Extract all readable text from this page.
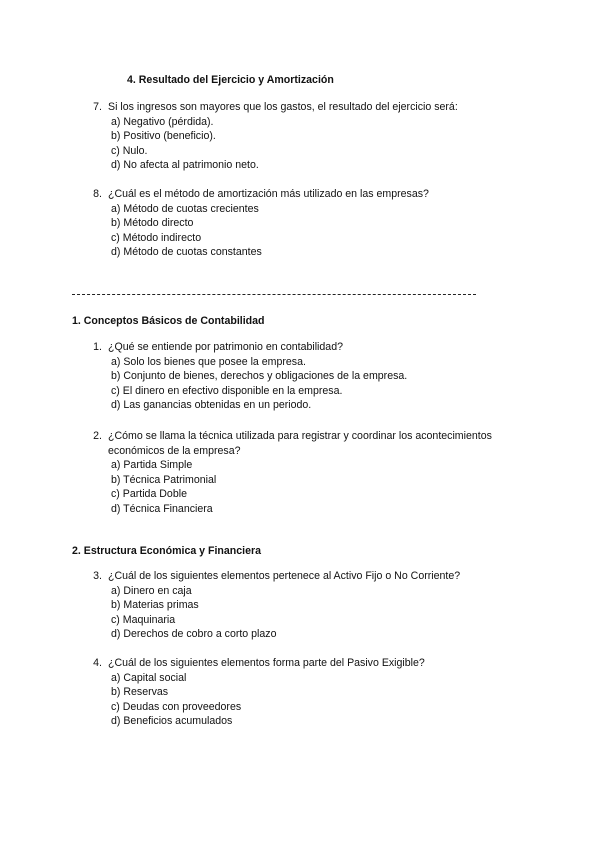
4. Resultado del Ejercicio y Amortización
7. Si los ingresos son mayores que los gastos, el resultado del ejercicio será:
a) Negativo (pérdida).
b) Positivo (beneficio).
c) Nulo.
d) No afecta al patrimonio neto.
8. ¿Cuál es el método de amortización más utilizado en las empresas?
a) Método de cuotas crecientes
b) Método directo
c) Método indirecto
d) Método de cuotas constantes
1. Conceptos Básicos de Contabilidad
1. ¿Qué se entiende por patrimonio en contabilidad?
a) Solo los bienes que posee la empresa.
b) Conjunto de bienes, derechos y obligaciones de la empresa.
c) El dinero en efectivo disponible en la empresa.
d) Las ganancias obtenidas en un periodo.
2. ¿Cómo se llama la técnica utilizada para registrar y coordinar los acontecimientos económicos de la empresa?
a) Partida Simple
b) Técnica Patrimonial
c) Partida Doble
d) Técnica Financiera
2. Estructura Económica y Financiera
3. ¿Cuál de los siguientes elementos pertenece al Activo Fijo o No Corriente?
a) Dinero en caja
b) Materias primas
c) Maquinaria
d) Derechos de cobro a corto plazo
4. ¿Cuál de los siguientes elementos forma parte del Pasivo Exigible?
a) Capital social
b) Reservas
c) Deudas con proveedores
d) Beneficios acumulados
